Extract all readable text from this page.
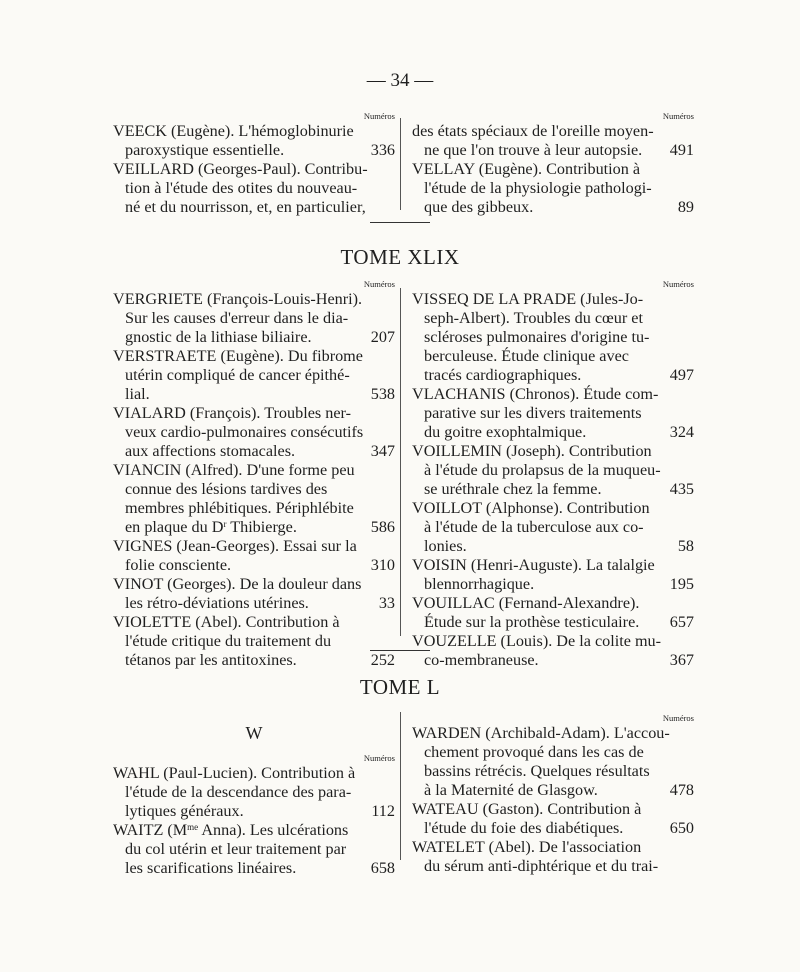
— 34 —
Numéros
VEECK (Eugène). L'hémoglobinurie
paroxystique essentielle.	336
VEILLARD (Georges-Paul). Contribu-
tion à l'étude des otites du nouveau-
né et du nourrisson, et, en particulier,
Numéros
des états spéciaux de l'oreille moyen-
ne que l'on trouve à leur autopsie. 491
VELLAY (Eugène). Contribution à
l'étude de la physiologie pathologi-
que des gibbeux.	89
TOME XLIX
Numéros
VERGRIETE (François-Louis-Henri).
Sur les causes d'erreur dans le dia-
gnostic de la lithiase biliaire.	207
VERSTRAETE (Eugène). Du fibrome
utérin compliqué de cancer épithé-
lial.	538
VIALARD (François). Troubles ner-
veux cardio-pulmonaires consécutifs
aux affections stomacales.	347
VIANCIN (Alfred). D'une forme peu
connue des lésions tardives des
membres phlébitiques. Périphlébite
en plaque du $D^r$ Thibierge.	586
VIGNES (Jean-Georges). Essai sur la
folie consciente.	310
VINOT (Georges). De la douleur dans
les rétro-déviations utérines.	33
VIOLETTE (Abel). Contribution à
l'étude critique du traitement du
tétanos par les antitoxines.	252
Numéros
VISSEQ DE LA PRADE (Jules-Jo-
seph-Albert). Troubles du cœur et
scléroses pulmonaires d'origine tu-
berculeuse. Étude clinique avec
tracés cardiographiques.	497
VLACHANIS (Chronos). Étude com-
parative sur les divers traitements
du goitre exophtalmique.	324
VOILLEMIN (Joseph). Contribution
à l'étude du prolapsus de la muqueu-
se uréthrale chez la femme.	435
VOILLOT (Alphonse). Contribution
à l'étude de la tuberculose aux co-
lonies.	58
VOISIN (Henri-Auguste). La talalgie
blennorrhagique.	195
VOUILLAC (Fernand-Alexandre).
Étude sur la prothèse testiculaire. 657
VOUZELLE (Louis). De la colite mu-
co-membraneuse.	367
TOME L
W
Numéros
WAHL (Paul-Lucien). Contribution à
l'étude de la descendance des para-
lytiques généraux.	112
WAITZ ($M^{me}$ Anna). Les ulcérations
du col utérin et leur traitement par
les scarifications linéaires.	658
Numéros
WARDEN (Archibald-Adam). L'accou-
chement provoqué dans les cas de
bassins rétrécis. Quelques résultats
à la Maternité de Glasgow.	478
WATEAU (Gaston). Contribution à
l'étude du foie des diabétiques.	650
WATELET (Abel). De l'association
du sérum anti-diphtérique et du trai-
